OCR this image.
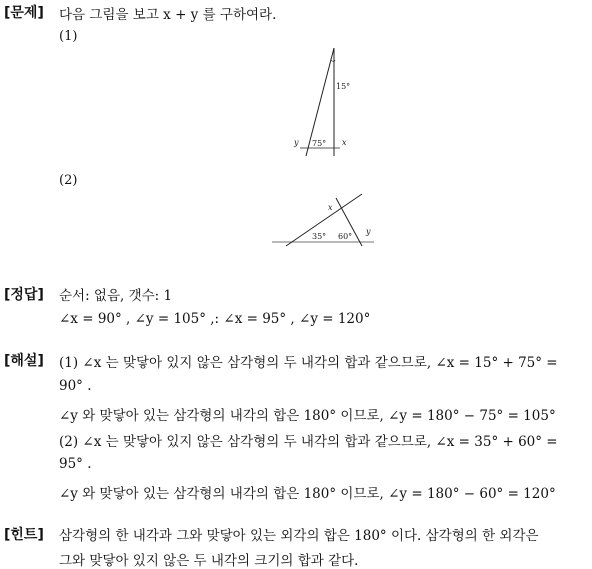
[문제] 다음 그림을 보고 x + y 를 구하여라.
(1)
15°
75°
y	x
(2)
35° 60°
x
y
[정답] 순서: 없음, 갯수: 1
∠x = 90° , ∠y = 105° ,: ∠x = 95° , ∠y = 120°
[해설] (1) ∠x 는 맞닿아 있지 않은 삼각형의 두 내각의 합과 같으므로, ∠x = 15° + 75° =
90° .
∠y 와 맞닿아 있는 삼각형의 내각의 합은 180° 이므로, ∠y = 180° − 75° = 105°
(2) ∠x 는 맞닿아 있지 않은 삼각형의 두 내각의 합과 같으므로, ∠x = 35° + 60° =
95° .
∠y 와 맞닿아 있는 삼각형의 내각의 합은 180° 이므로, ∠y = 180° − 60° = 120°
[힌트] 삼각형의 한 내각과 그와 맞닿아 있는 외각의 합은 180° 이다. 삼각형의 한 외각은
그와 맞닿아 있지 않은 두 내각의 크기의 합과 같다.
